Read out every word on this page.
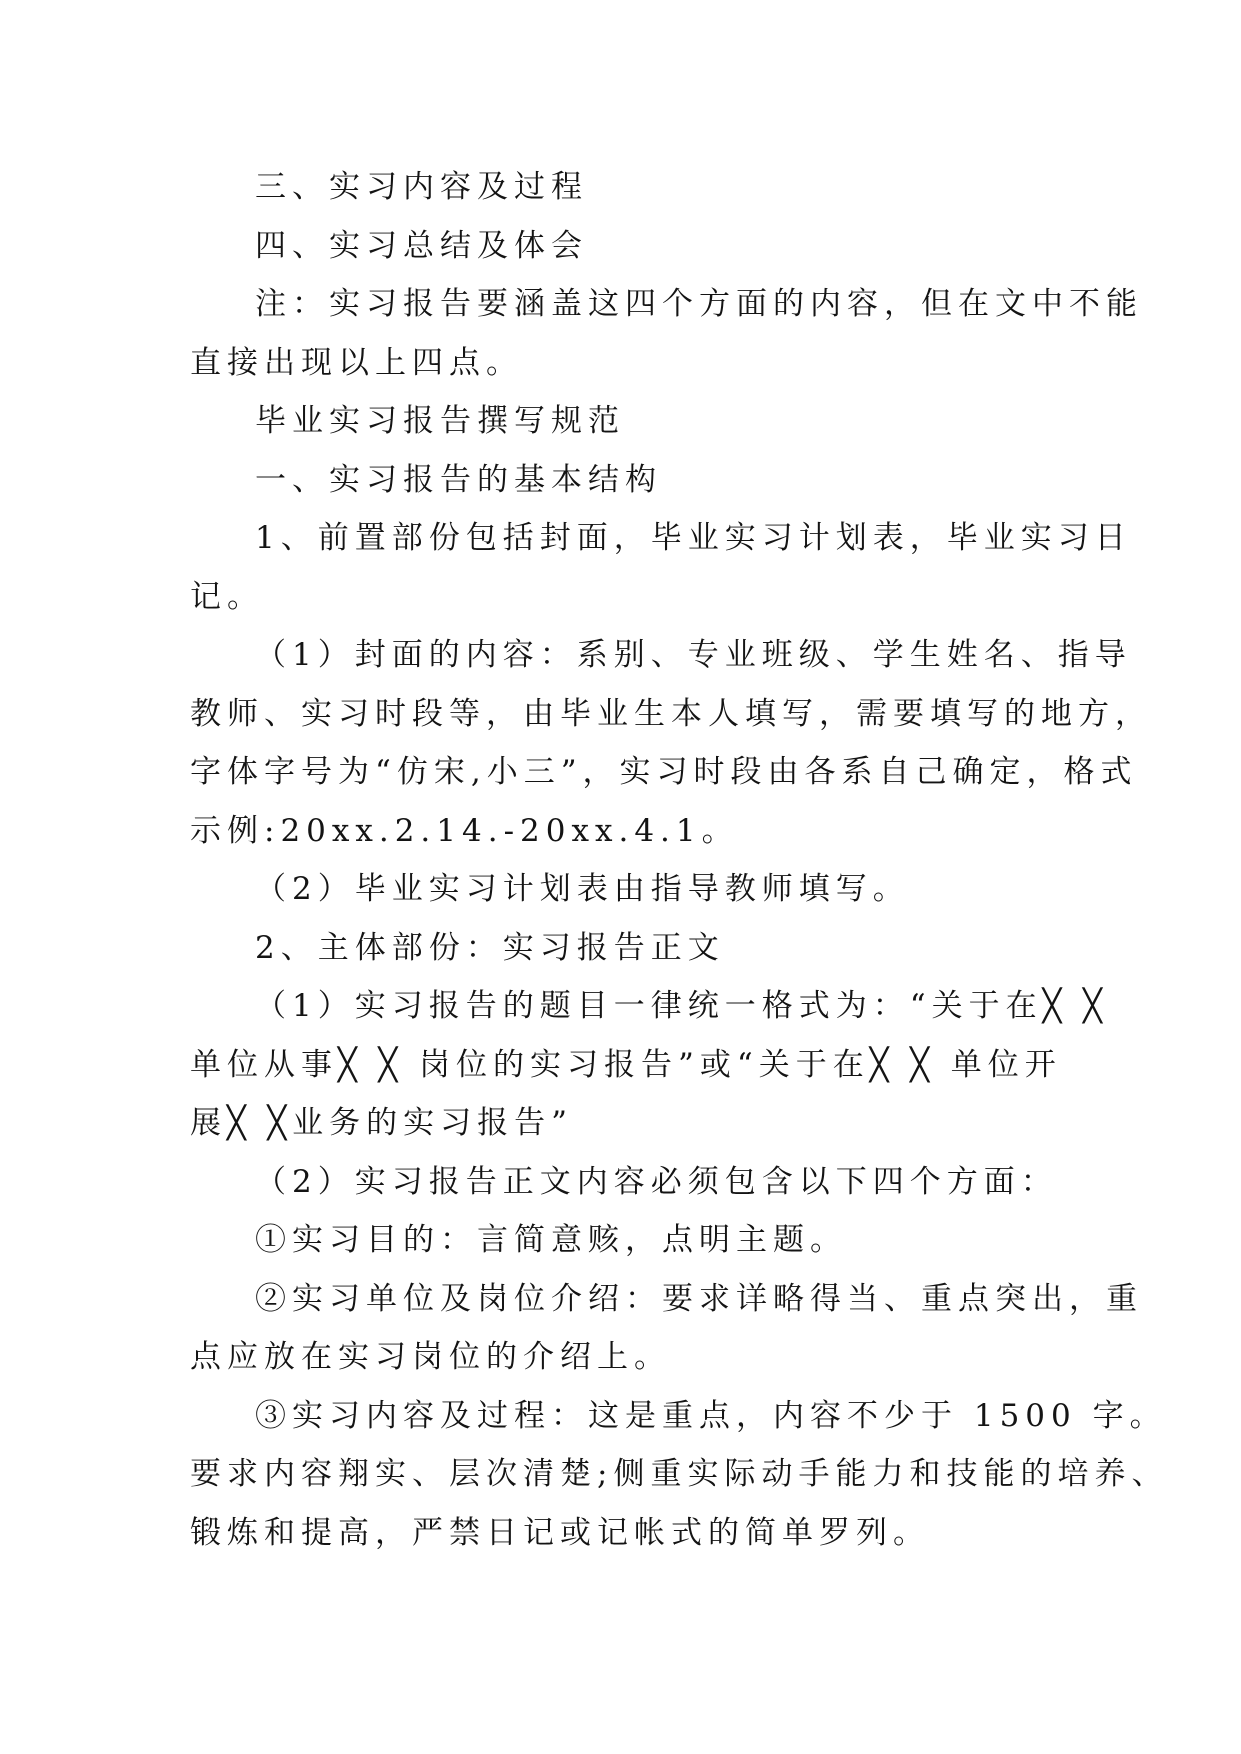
三、实习内容及过程
四、实习总结及体会
注：实习报告要涵盖这四个方面的内容，但在文中不能
直接出现以上四点。
毕业实习报告撰写规范
一、实习报告的基本结构
1、前置部份包括封面，毕业实习计划表，毕业实习日
记。
（1）封面的内容：系别、专业班级、学生姓名、指导
教师、实习时段等，由毕业生本人填写，需要填写的地方，
字体字号为“仿宋,小三”，实习时段由各系自己确定，格式
示例:20xx.2.14.-20xx.4.1。
（2）毕业实习计划表由指导教师填写。
2、主体部份：实习报告正文
（1）实习报告的题目一律统一格式为：“关于在╳ ╳
单位从事╳ ╳ 岗位的实习报告”或“关于在╳ ╳ 单位开
展╳ ╳业务的实习报告”
（2）实习报告正文内容必须包含以下四个方面：
①实习目的：言简意赅，点明主题。
②实习单位及岗位介绍：要求详略得当、重点突出，重
点应放在实习岗位的介绍上。
③实习内容及过程：这是重点，内容不少于 1500 字。
要求内容翔实、层次清楚;侧重实际动手能力和技能的培养、
锻炼和提高，严禁日记或记帐式的简单罗列。
